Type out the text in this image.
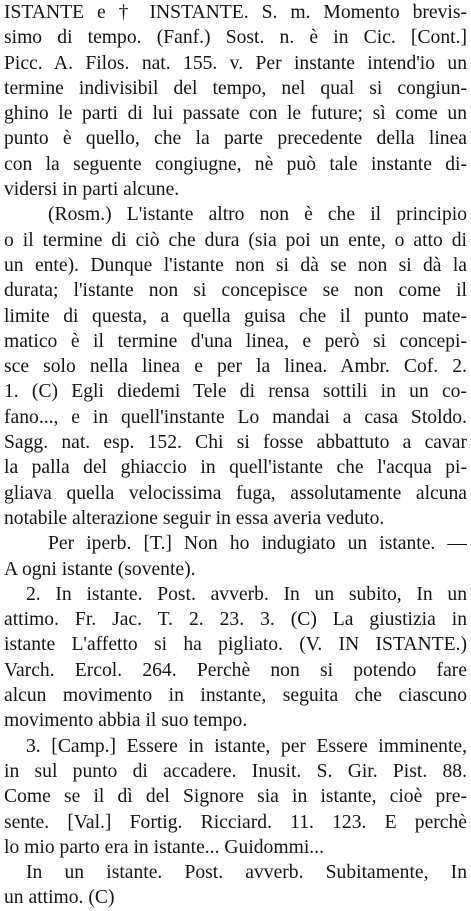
ISTANTE e † INSTANTE. S. m. Momento brevis-
simo di tempo. (Fanf.) Sost. n. è in Cic. [Cont.]
Picc. A. Filos. nat. 155. v. Per instante intend'io un
termine indivisibil del tempo, nel qual si congiun-
ghino le parti di lui passate con le future; sì come un
punto è quello, che la parte precedente della linea
con la seguente congiugne, nè può tale instante di-
vidersi in parti alcune.
(Rosm.) L'istante altro non è che il principio
o il termine di ciò che dura (sia poi un ente, o atto di
un ente). Dunque l'istante non si dà se non si dà la
durata; l'istante non si concepisce se non come il
limite di questa, a quella guisa che il punto mate-
matico è il termine d'una linea, e però si concepi-
sce solo nella linea e per la linea. Ambr. Cof. 2.
1. (C) Egli diedemi Tele di rensa sottili in un co-
fano..., e in quell'instante Lo mandai a casa Stoldo.
Sagg. nat. esp. 152. Chi si fosse abbattuto a cavar
la palla del ghiaccio in quell'istante che l'acqua pi-
gliava quella velocissima fuga, assolutamente alcuna
notabile alterazione seguir in essa averia veduto.
Per iperb. [T.] Non ho indugiato un istante. —
A ogni istante (sovente).
2. In istante. Post. avverb. In un subito, In un
attimo. Fr. Jac. T. 2. 23. 3. (C) La giustizia in
istante L'affetto si ha pigliato. (V. IN ISTANTE.)
Varch. Ercol. 264. Perchè non si potendo fare
alcun movimento in instante, seguita che ciascuno
movimento abbia il suo tempo.
3. [Camp.] Essere in istante, per Essere imminente,
in sul punto di accadere. Inusit. S. Gir. Pist. 88.
Come se il dì del Signore sia in istante, cioè pre-
sente. [Val.] Fortig. Ricciard. 11. 123. E perchè
lo mio parto era in istante... Guidommi...
In un istante. Post. avverb. Subitamente, In
un attimo. (C)
